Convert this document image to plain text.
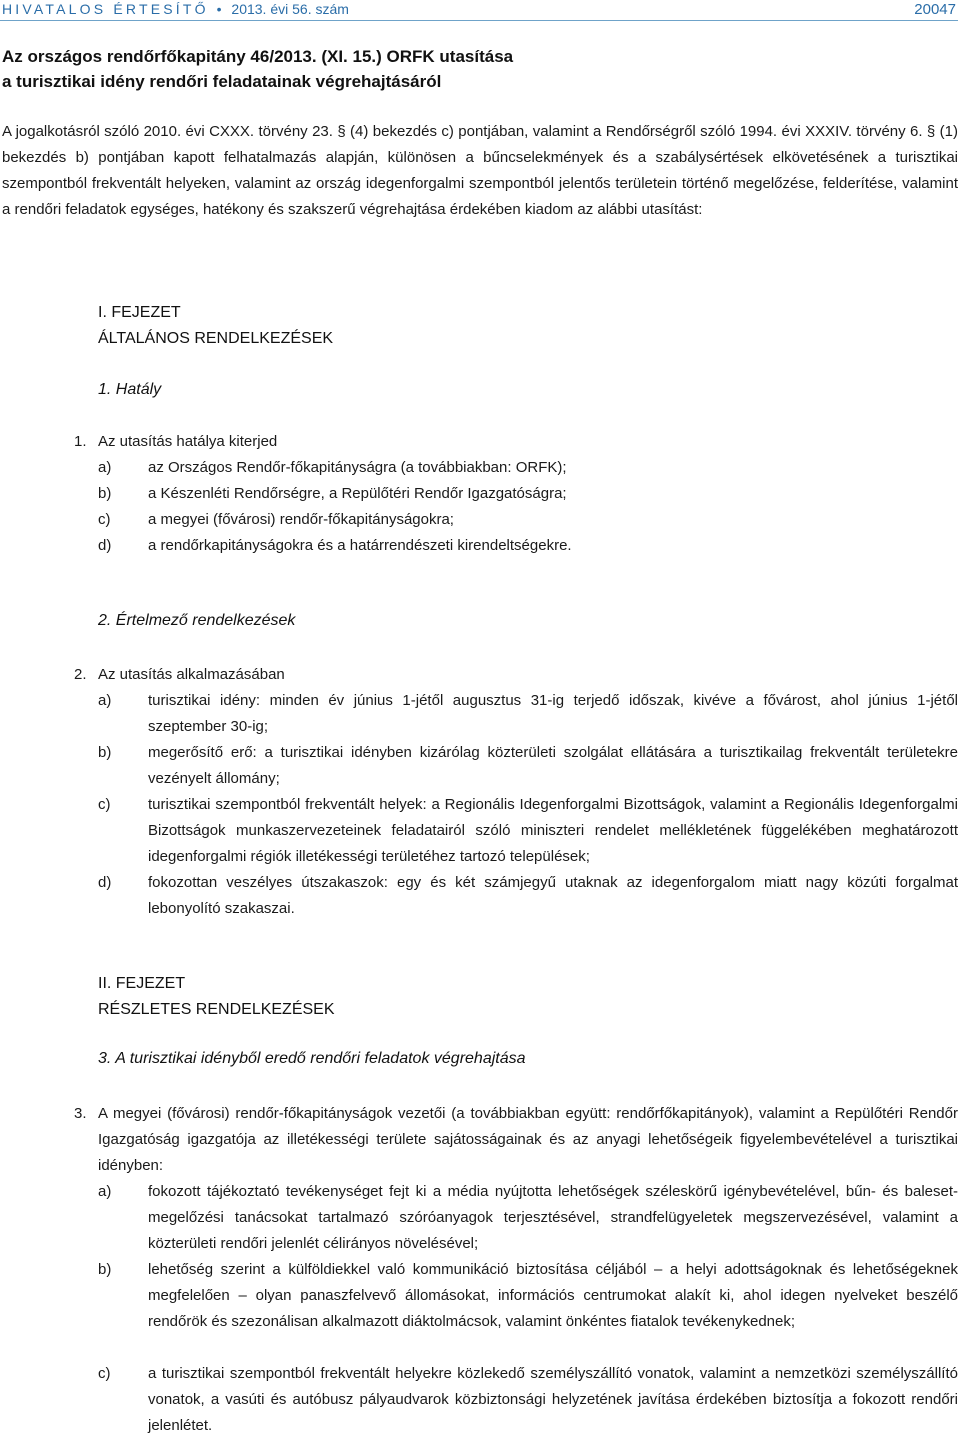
HIVATALOS ÉRTESÍTŐ • 2013. évi 56. szám	20047
Az országos rendőrfőkapitány 46/2013. (XI. 15.) ORFK utasítása
a turisztikai idény rendőri feladatainak végrehajtásáról

A jogalkotásról szóló 2010. évi CXXX. törvény 23. § (4) bekezdés c) pontjában, valamint a Rendőrségről szóló 1994. évi XXXIV. törvény 6. § (1) bekezdés b) pontjában kapott felhatalmazás alapján, különösen a bűncselekmények és a szabálysértések elkövetésének a turisztikai szempontból frekventált helyeken, valamint az ország idegenforgalmi szempontból jelentős területein történő megelőzése, felderítése, valamint a rendőri feladatok egységes, hatékony és szakszerű végrehajtása érdekében kiadom az alábbi utasítást:

I. FEJEZET
ÁLTALÁNOS RENDELKEZÉSEK
1. Hatály
1. Az utasítás hatálya kiterjed
a) az Országos Rendőr-főkapitányságra (a továbbiakban: ORFK);
b) a Készenléti Rendőrségre, a Repülőtéri Rendőr Igazgatóságra;
c)	a megyei (fővárosi) rendőr-főkapitányságokra;
d) a rendőrkapitányságokra és a határrendészeti kirendeltségekre.
2. Értelmező rendelkezések
2. Az utasítás alkalmazásában
a) turisztikai idény: minden év június 1-jétől augusztus 31-ig terjedő időszak, kivéve a fővárost, ahol június 1-jétől szeptember 30-ig;
b) megerősítő erő: a turisztikai idényben kizárólag közterületi szolgálat ellátására a turisztikailag frekventált területekre vezényelt állomány;
c)	turisztikai szempontból frekventált helyek: a Regionális Idegenforgalmi Bizottságok, valamint a Regionális Idegenforgalmi Bizottságok munkaszervezeteinek feladatairól szóló miniszteri rendelet mellékletének függelékében meghatározott idegenforgalmi régiók illetékességi területéhez tartozó települések;
d) fokozottan veszélyes útszakaszok: egy és két számjegyű utaknak az idegenforgalom miatt nagy közúti forgalmat lebonyolító szakaszai.
II. FEJEZET
RÉSZLETES RENDELKEZÉSEK
3. A turisztikai idényből eredő rendőri feladatok végrehajtása
3. A megyei (fővárosi) rendőr-főkapitányságok vezetői (a továbbiakban együtt: rendőrfőkapitányok), valamint a Repülőtéri Rendőr Igazgatóság igazgatója az illetékességi területe sajátosságainak és az anyagi lehetőségeik figyelembevételével a turisztikai idényben:
a) fokozott tájékoztató tevékenységet fejt ki a média nyújtotta lehetőségek széleskörű igénybevételével, bűn- és baleset-megelőzési tanácsokat tartalmazó szóróanyagok terjesztésével, strandfelügyeletek megszervezésével, valamint a közterületi rendőri jelenlét célirányos növelésével;
b) lehetőség szerint a külföldiekkel való kommunikáció biztosítása céljából – a helyi adottságoknak és lehetőségeknek megfelelően – olyan panaszfelvevő állomásokat, információs centrumokat alakít ki, ahol idegen nyelveket beszélő rendőrök és szezonálisan alkalmazott diáktolmácsok, valamint önkéntes fiatalok tevékenykednek;
c)	a turisztikai szempontból frekventált helyekre közlekedő személyszállító vonatok, valamint a nemzetközi személyszállító vonatok, a vasúti és autóbusz pályaudvarok közbiztonsági helyzetének javítása érdekében biztosítja a fokozott rendőri jelenlétet.
